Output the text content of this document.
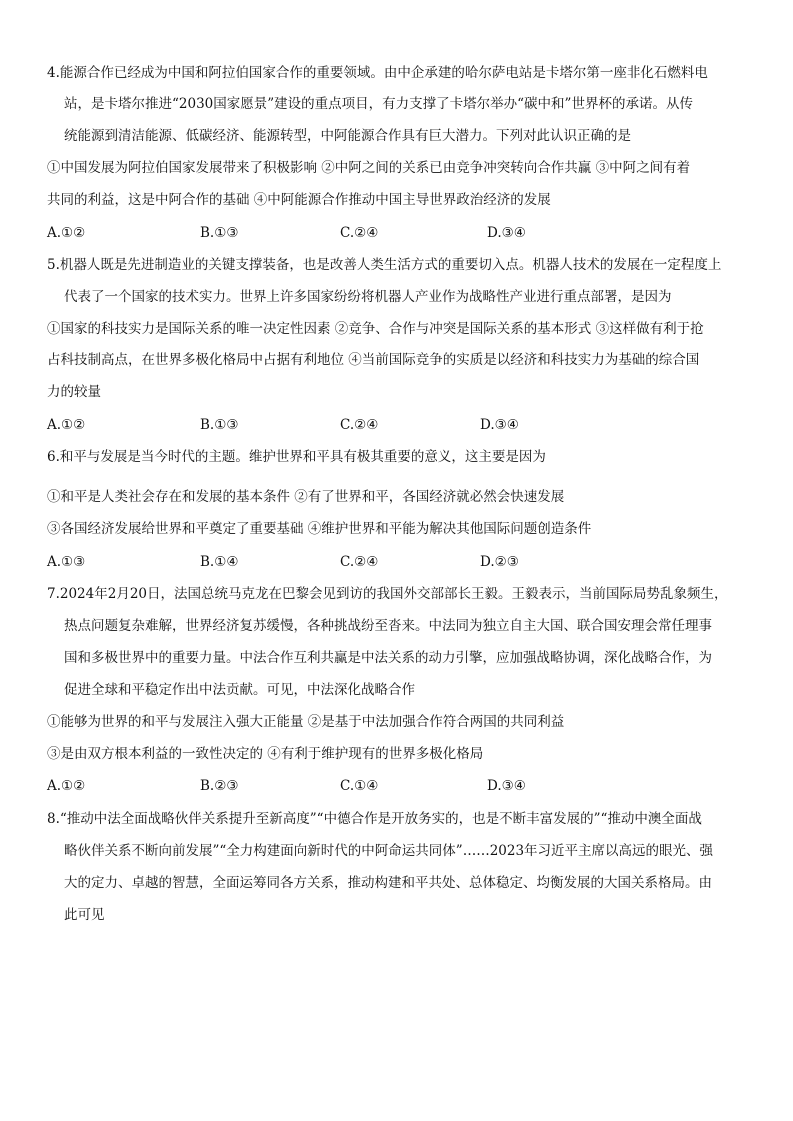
4.能源合作已经成为中国和阿拉伯国家合作的重要领域。由中企承建的哈尔萨电站是卡塔尔第一座非化石燃料电
站，是卡塔尔推进“2030国家愿景”建设的重点项目，有力支撑了卡塔尔举办“碳中和”世界杯的承诺。从传
统能源到清洁能源、低碳经济、能源转型，中阿能源合作具有巨大潜力。下列对此认识正确的是
①中国发展为阿拉伯国家发展带来了积极影响 ②中阿之间的关系已由竞争冲突转向合作共赢 ③中阿之间有着
共同的利益，这是中阿合作的基础 ④中阿能源合作推动中国主导世界政治经济的发展
A.①②	B.①③	C.②④	D.③④
5.机器人既是先进制造业的关键支撑装备，也是改善人类生活方式的重要切入点。机器人技术的发展在一定程度上
代表了一个国家的技术实力。世界上许多国家纷纷将机器人产业作为战略性产业进行重点部署，是因为
①国家的科技实力是国际关系的唯一决定性因素 ②竞争、合作与冲突是国际关系的基本形式 ③这样做有利于抢
占科技制高点，在世界多极化格局中占据有利地位 ④当前国际竞争的实质是以经济和科技实力为基础的综合国
力的较量
A.①②	B.①③	C.②④	D.③④
6.和平与发展是当今时代的主题。维护世界和平具有极其重要的意义，这主要是因为
①和平是人类社会存在和发展的基本条件 ②有了世界和平，各国经济就必然会快速发展
③各国经济发展给世界和平奠定了重要基础 ④维护世界和平能为解决其他国际问题创造条件
A.①③	B.①④	C.②④	D.②③
7.2024年2月20日，法国总统马克龙在巴黎会见到访的我国外交部部长王毅。王毅表示，当前国际局势乱象频生，
热点问题复杂难解，世界经济复苏缓慢，各种挑战纷至沓来。中法同为独立自主大国、联合国安理会常任理事
国和多极世界中的重要力量。中法合作互利共赢是中法关系的动力引擎，应加强战略协调，深化战略合作，为
促进全球和平稳定作出中法贡献。可见，中法深化战略合作
①能够为世界的和平与发展注入强大正能量 ②是基于中法加强合作符合两国的共同利益
③是由双方根本利益的一致性决定的 ④有利于维护现有的世界多极化格局
A.①②	B.②③	C.①④	D.③④
8.“推动中法全面战略伙伴关系提升至新高度”“中德合作是开放务实的，也是不断丰富发展的”“推动中澳全面战
略伙伴关系不断向前发展”“全力构建面向新时代的中阿命运共同体”……2023年习近平主席以高远的眼光、强
大的定力、卓越的智慧，全面运筹同各方关系，推动构建和平共处、总体稳定、均衡发展的大国关系格局。由
此可见
